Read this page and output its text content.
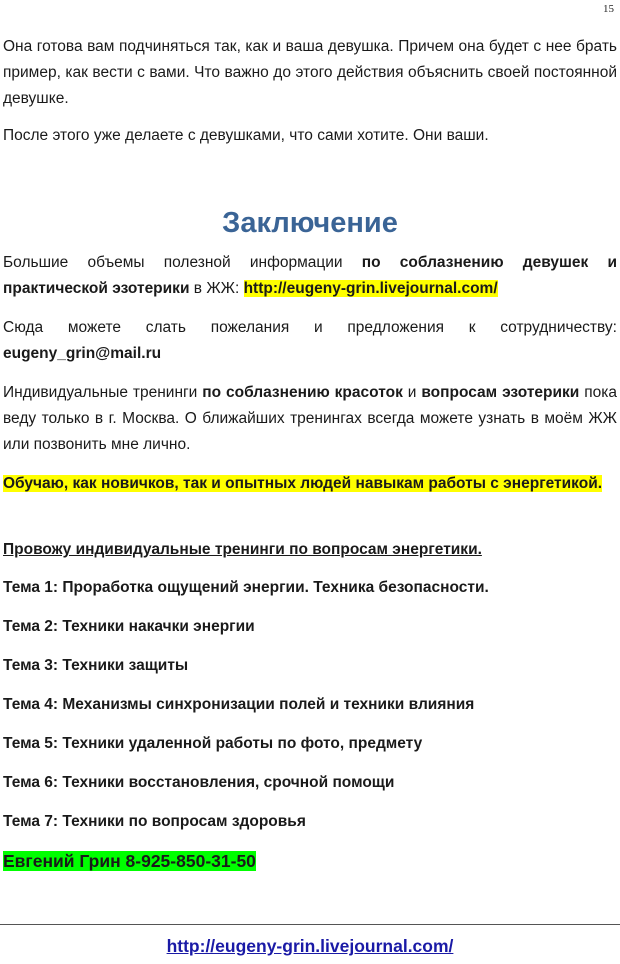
15

Она готова вам подчиняться так, как и ваша девушка. Причем она будет с нее брать пример, как вести с вами. Что важно до этого действия объяснить своей постоянной девушке.

После этого уже делаете с девушками, что сами хотите. Они ваши.

Заключение

Большие объемы полезной информации по соблазнению девушек и практической эзотерики в ЖЖ: http://eugeny-grin.livejournal.com/

Сюда можете слать пожелания и предложения к сотрудничеству: eugeny_grin@mail.ru

Индивидуальные тренинги по соблазнению красоток и вопросам эзотерики пока веду только в г. Москва. О ближайших тренингах всегда можете узнать в моём ЖЖ или позвонить мне лично.

Обучаю, как новичков, так и опытных людей навыкам работы с энергетикой.

Провожу индивидуальные тренинги по вопросам энергетики.

Тема 1: Проработка ощущений энергии. Техника безопасности.

Тема 2: Техники накачки энергии

Тема 3: Техники защиты

Тема 4: Механизмы синхронизации полей и техники влияния

Тема 5: Техники удаленной работы по фото, предмету

Тема 6: Техники восстановления, срочной помощи

Тема 7: Техники по вопросам здоровья

Евгений Грин 8-925-850-31-50

http://eugeny-grin.livejournal.com/
